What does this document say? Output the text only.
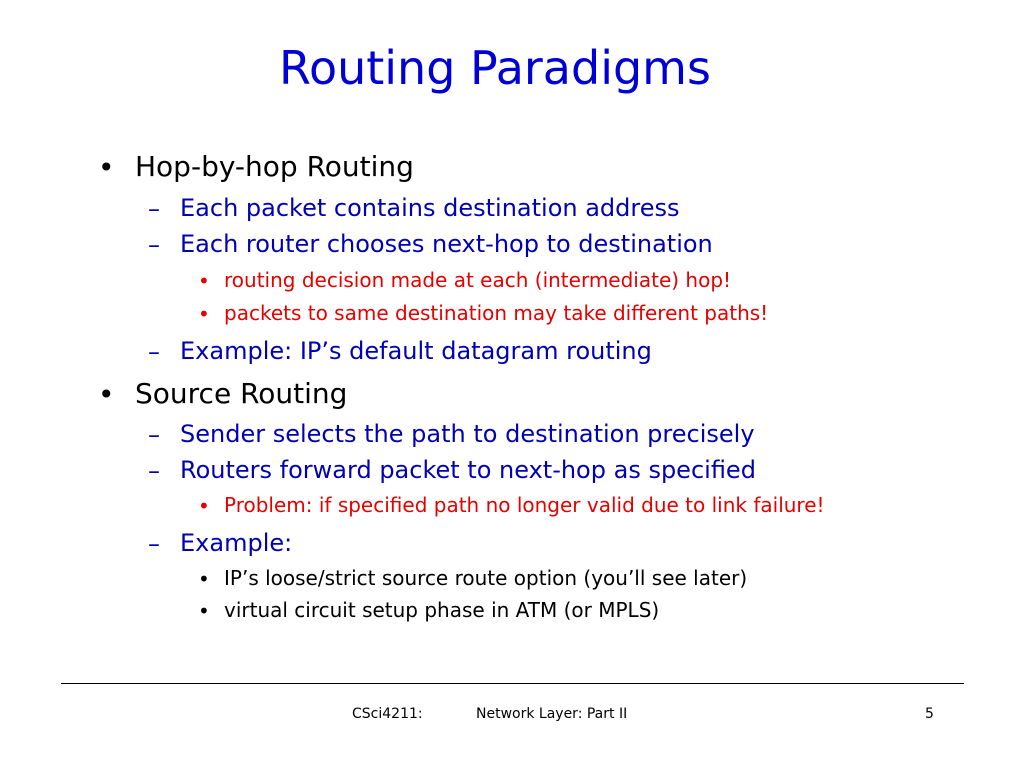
Routing Paradigms
• Hop-by-hop Routing
– Each packet contains destination address
– Each router chooses next-hop to destination
• routing decision made at each (intermediate) hop!
• packets to same destination may take different paths!
– Example: IP’s default datagram routing
• Source Routing
– Sender selects the path to destination precisely
– Routers forward packet to next-hop as specified
• Problem: if specified path no longer valid due to link failure!
– Example:
• IP’s loose/strict source route option (you’ll see later)
• virtual circuit setup phase in ATM (or MPLS)
CSci4211:	Network Layer: Part II	5
